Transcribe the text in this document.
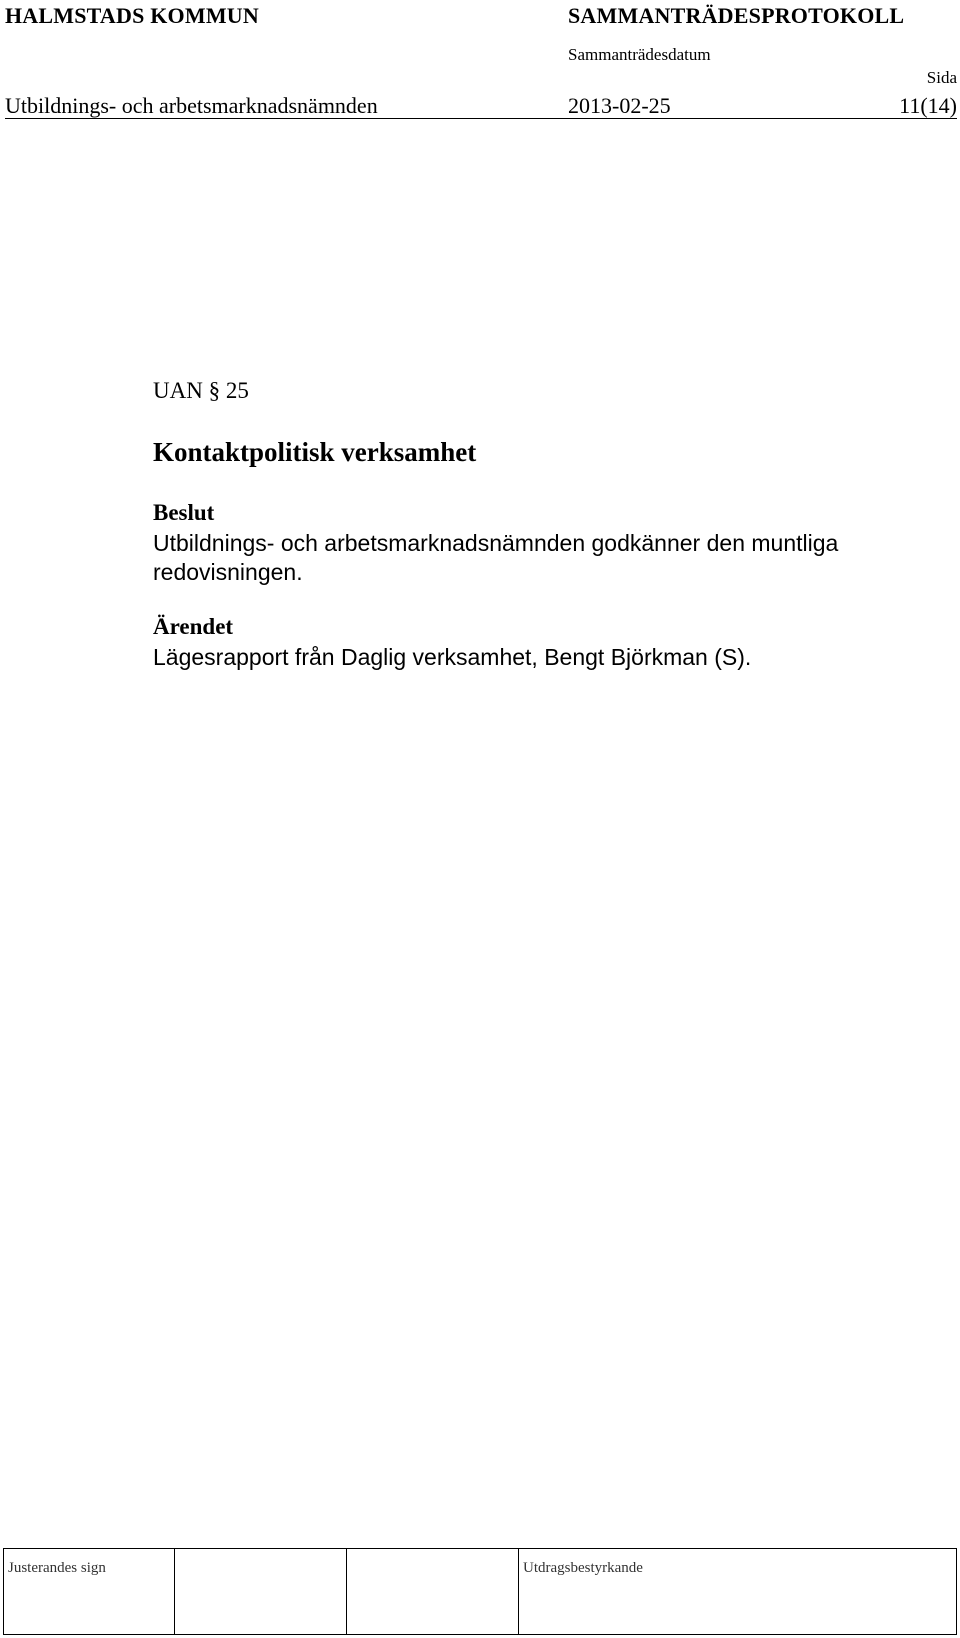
HALMSTADS KOMMUN	SAMMANTRÄDESPROTOKOLL
Sammanträdesdatum
Sida
Utbildnings- och arbetsmarknadsnämnden	2013-02-25	11(14)
UAN § 25
Kontaktpolitisk verksamhet
Beslut
Utbildnings- och arbetsmarknadsnämnden godkänner den muntliga redovisningen.
Ärendet
Lägesrapport från Daglig verksamhet, Bengt Björkman (S).
Justerandes sign			Utdragsbestyrkande
